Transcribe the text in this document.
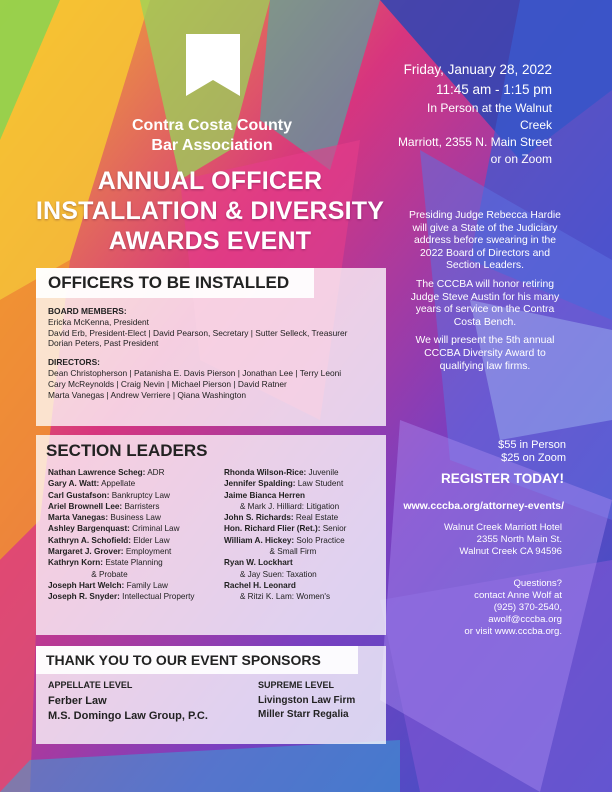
Contra Costa County
Bar Association
ANNUAL OFFICER
INSTALLATION & DIVERSITY
AWARDS EVENT
Friday, January 28, 2022
11:45 am - 1:15 pm
In Person at the Walnut Creek
Marriott, 2355 N. Main Street
or on Zoom
OFFICERS TO BE INSTALLED
BOARD MEMBERS:
Ericka McKenna, President
David Erb, President-Elect | David Pearson, Secretary | Sutter Selleck, Treasurer
Dorian Peters, Past President
DIRECTORS:
Dean Christopherson | Patanisha E. Davis Pierson | Jonathan Lee | Terry Leoni
Cary McReynolds | Craig Nevin | Michael Pierson | David Ratner
Marta Vanegas | Andrew Verriere | Qiana Washington
SECTION LEADERS
Nathan Lawrence Scheg: ADR
Gary A. Watt: Appellate
Carl Gustafson: Bankruptcy Law
Ariel Brownell Lee: Barristers
Marta Vanegas: Business Law
Ashley Bargenquast: Criminal Law
Kathryn A. Schofield: Elder Law
Margaret J. Grover: Employment
Kathryn Korn: Estate Planning
& Probate
Joseph Hart Welch: Family Law
Joseph R. Snyder: Intellectual Property
Rhonda Wilson-Rice: Juvenile
Jennifer Spalding: Law Student
Jaime Bianca Herren
& Mark J. Hilliard: Litigation
John S. Richards: Real Estate
Hon. Richard Flier (Ret.): Senior
William A. Hickey: Solo Practice
& Small Firm
Ryan W. Lockhart
& Jay Suen: Taxation
Rachel H. Leonard
& Ritzi K. Lam: Women's
THANK YOU TO OUR EVENT SPONSORS
APPELLATE LEVEL
Ferber Law
M.S. Domingo Law Group, P.C.
SUPREME LEVEL
Livingston Law Firm
Miller Starr Regalia

Presiding Judge Rebecca Hardie will give a State of the Judiciary address before swearing in the 2022 Board of Directors and Section Leaders.

The CCCBA will honor retiring Judge Steve Austin for his many years of service on the Contra Costa Bench.

We will present the 5th annual CCCBA Diversity Award to qualifying law firms.

$55 in Person
$25 on Zoom
REGISTER TODAY!
www.cccba.org/attorney-events/
Walnut Creek Marriott Hotel
2355 North Main St.
Walnut Creek CA 94596
Questions?
contact Anne Wolf at
(925) 370-2540,
awolf@cccba.org
or visit www.cccba.org.
